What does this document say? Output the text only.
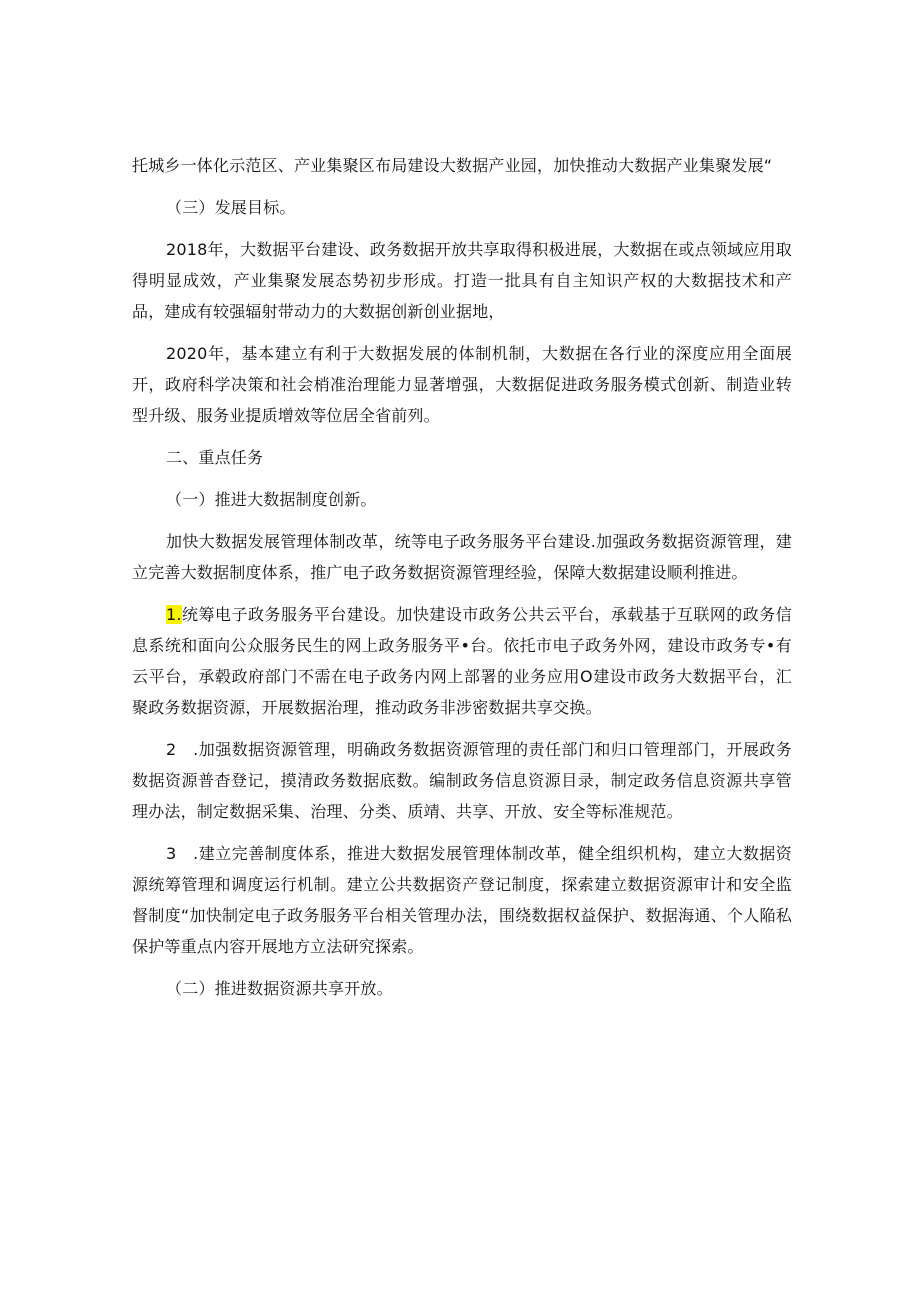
托城乡一体化示范区、产业集聚区布局建设大数据产业园，加快推动大数据产业集聚发展“

（三）发展目标。

2018年，大数据平台建设、政务数据开放共享取得积极进展，大数据在或点领域应用取得明显成效，产业集聚发展态势初步形成。打造一批具有自主知识产权的大数据技术和产品，建成有较强辐射带动力的大数据创新创业据地，

2020年，基本建立有利于大数据发展的体制机制，大数据在各行业的深度应用全面展开，政府科学决策和社会梢准治理能力显著增强，大数据促进政务服务模式创新、制造业转型升级、服务业提质增效等位居全省前列。

二、重点任务

（一）推进大数据制度创新。

加快大数据发展管理体制改革，统等电子政务服务平台建设.加强政务数据资源管理，建立完善大数据制度体系，推广电子政务数据资源管理经验，保障大数据建设顺利推进。

1.统筹电子政务服务平台建设。加快建设市政务公共云平台，承载基于互联网的政务信息系统和面向公众服务民生的网上政务服务平•台。依托市电子政务外网，建设市政务专•有云平台，承毂政府部门不需在电子政务内网上部署的业务应用O建设市政务大数据平台，汇聚政务数据资源，开展数据治理，推动政务非涉密数据共享交换。

2　.加强数据资源管理，明确政务数据资源管理的责任部门和归口管理部门，开展政务数据资源普杳登记，摸清政务数据底数。编制政务信息资源目录，制定政务信息资源共享管理办法，制定数据采集、治理、分类、质靖、共享、开放、安全等标准规范。

3　.建立完善制度体系，推进大数据发展管理体制改革，健全组织机构，建立大数据资源统筹管理和调度运行机制。建立公共数据资产登记制度，探索建立数据资源审计和安全监督制度“加快制定电子政务服务平台相关管理办法，围绕数据权益保护、数据海通、个人陥私保护等重点内容开展地方立法研究探索。

（二）推进数据资源共享开放。
